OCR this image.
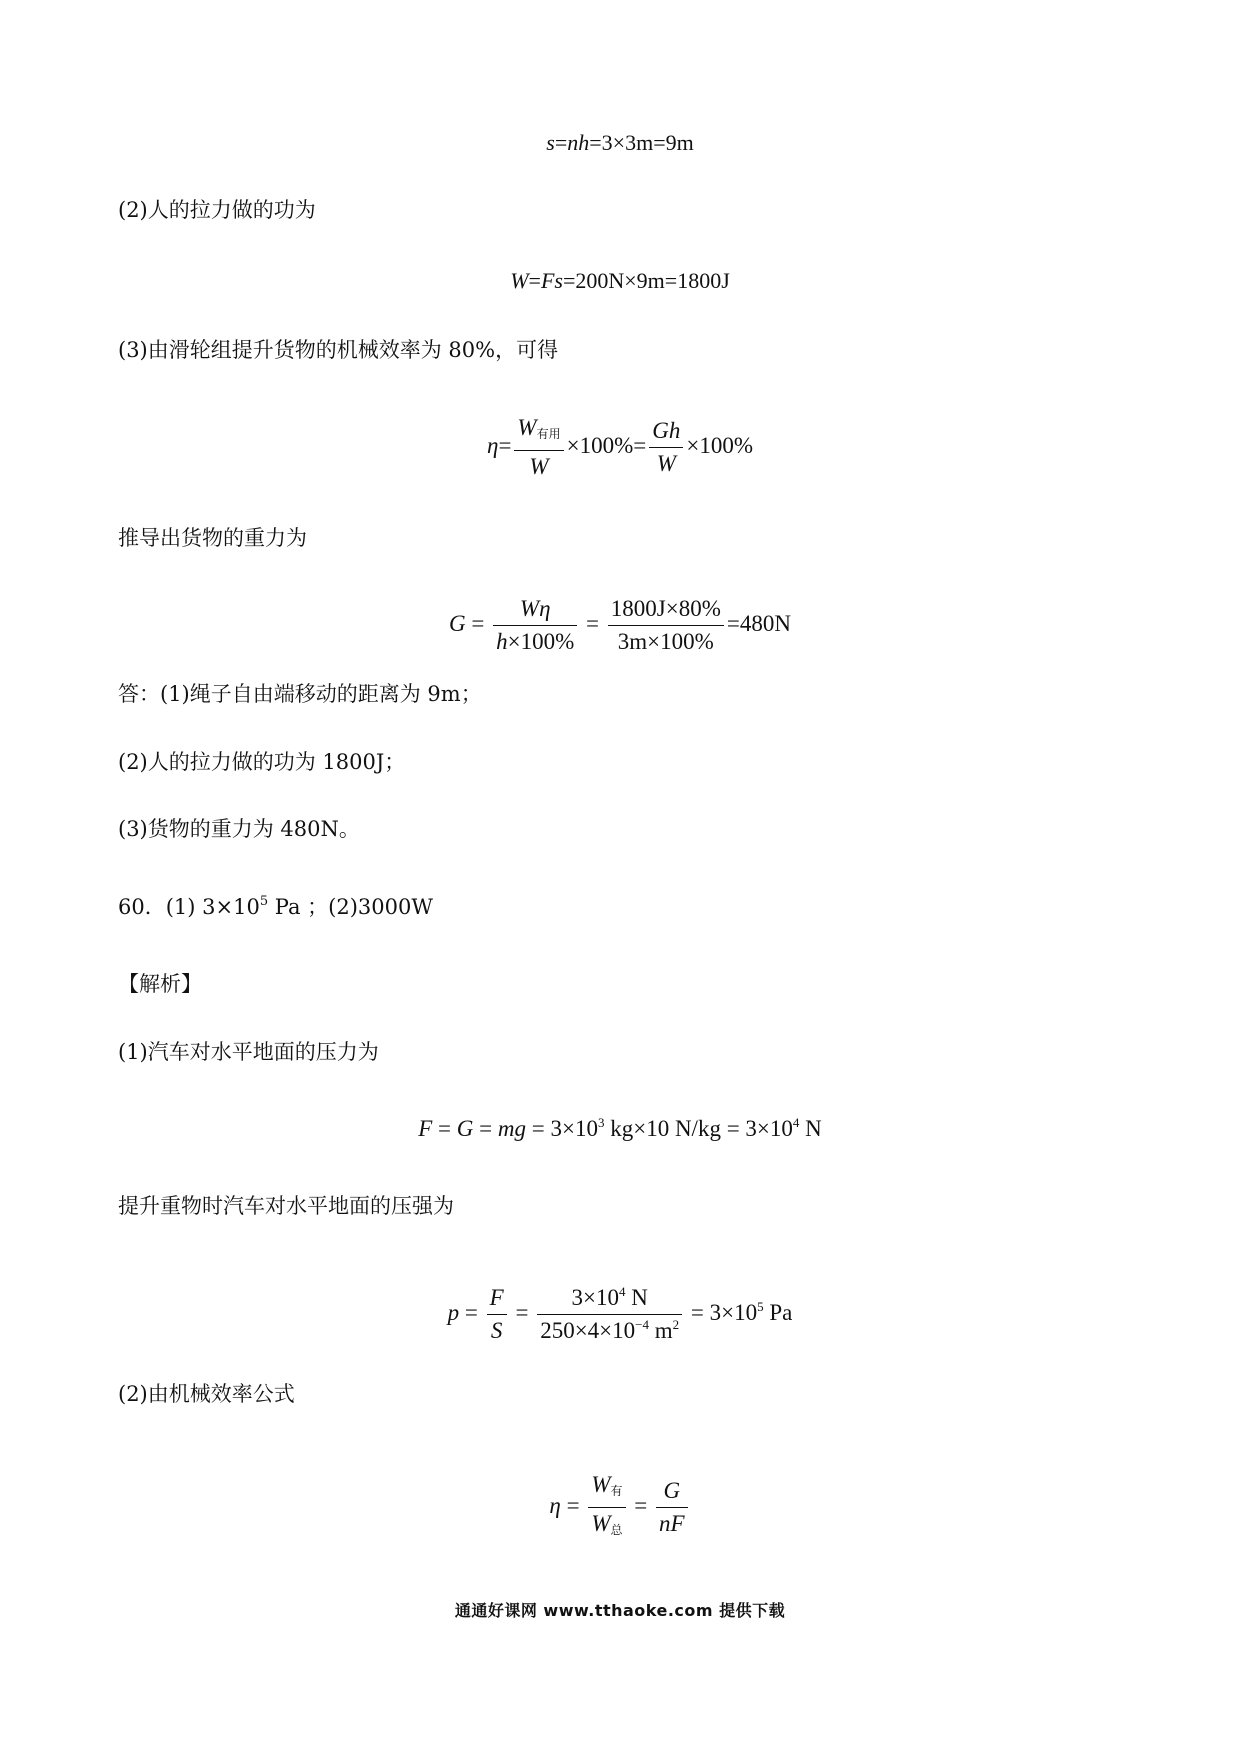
s=nh=3×3m=9m
(2)人的拉力做的功为
W=Fs=200N×9m=1800J
(3)由滑轮组提升货物的机械效率为 80%，可得
$\eta= \frac{W_{有用}}{W} \times 100\%= \frac{Gh}{W} \times 100\%$
推导出货物的重力为
$G = \frac{W\eta}{h\times 100\%} = \frac{1800J\times 80\%}{3m\times 100\%} =480N$
答：(1)绳子自由端移动的距离为 9m；
(2)人的拉力做的功为 1800J；
(3)货物的重力为 480N。
60．(1) $3\times 10^5$ Pa ；(2)3000W
【解析】
(1)汽车对水平地面的压力为
F = G = mg = $3\times 10^3$ kg×10 $N/kg = 3\times 10^4$ N
提升重物时汽车对水平地面的压强为
$p = \frac{F}{S} = \frac{3\times 10^4 N}{250\times 4\times 10^{-4} m^2} = 3\times 10^5$ Pa
(2)由机械效率公式
$\eta = \frac{W_有}{W_总} = \frac{G}{nF}$
通通好课网 www.tthaoke.com 提供下载
